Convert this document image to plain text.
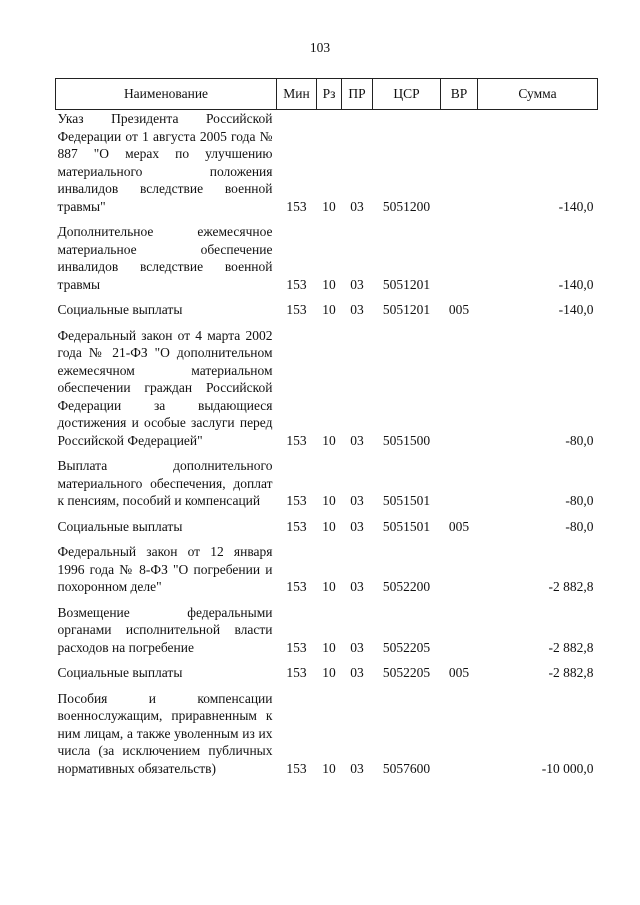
103
Наименование	Мин	Рз	ПР	ЦСР	ВР	Сумма
Указ Президента Российской Федерации от 1 августа 2005 года № 887 "О мерах по улучшению материального положения инвалидов вследствие военной травмы"	153	10	03	5051200		-140,0

Дополнительное ежемесячное материальное обеспечение инвалидов вследствие военной травмы	153	10	03	5051201		-140,0

Социальные выплаты	153	10	03	5051201	005	-140,0

Федеральный закон от 4 марта 2002 года № 21-ФЗ "О дополнительном ежемесячном материальном обеспечении граждан Российской Федерации за выдающиеся достижения и особые заслуги перед Российской Федерацией"	153	10	03	5051500		-80,0

Выплата дополнительного материального обеспечения, доплат к пенсиям, пособий и компенсаций	153	10	03	5051501		-80,0

Социальные выплаты	153	10	03	5051501	005	-80,0

Федеральный закон от 12 января 1996 года № 8-ФЗ "О погребении и похоронном деле"	153	10	03	5052200		-2 882,8

Возмещение федеральными органами исполнительной власти расходов на погребение	153	10	03	5052205		-2 882,8

Социальные выплаты	153	10	03	5052205	005	-2 882,8

Пособия и компенсации военнослужащим, приравненным к ним лицам, а также уволенным из их числа (за исключением публичных нормативных обязательств)	153	10	03	5057600		-10 000,0
